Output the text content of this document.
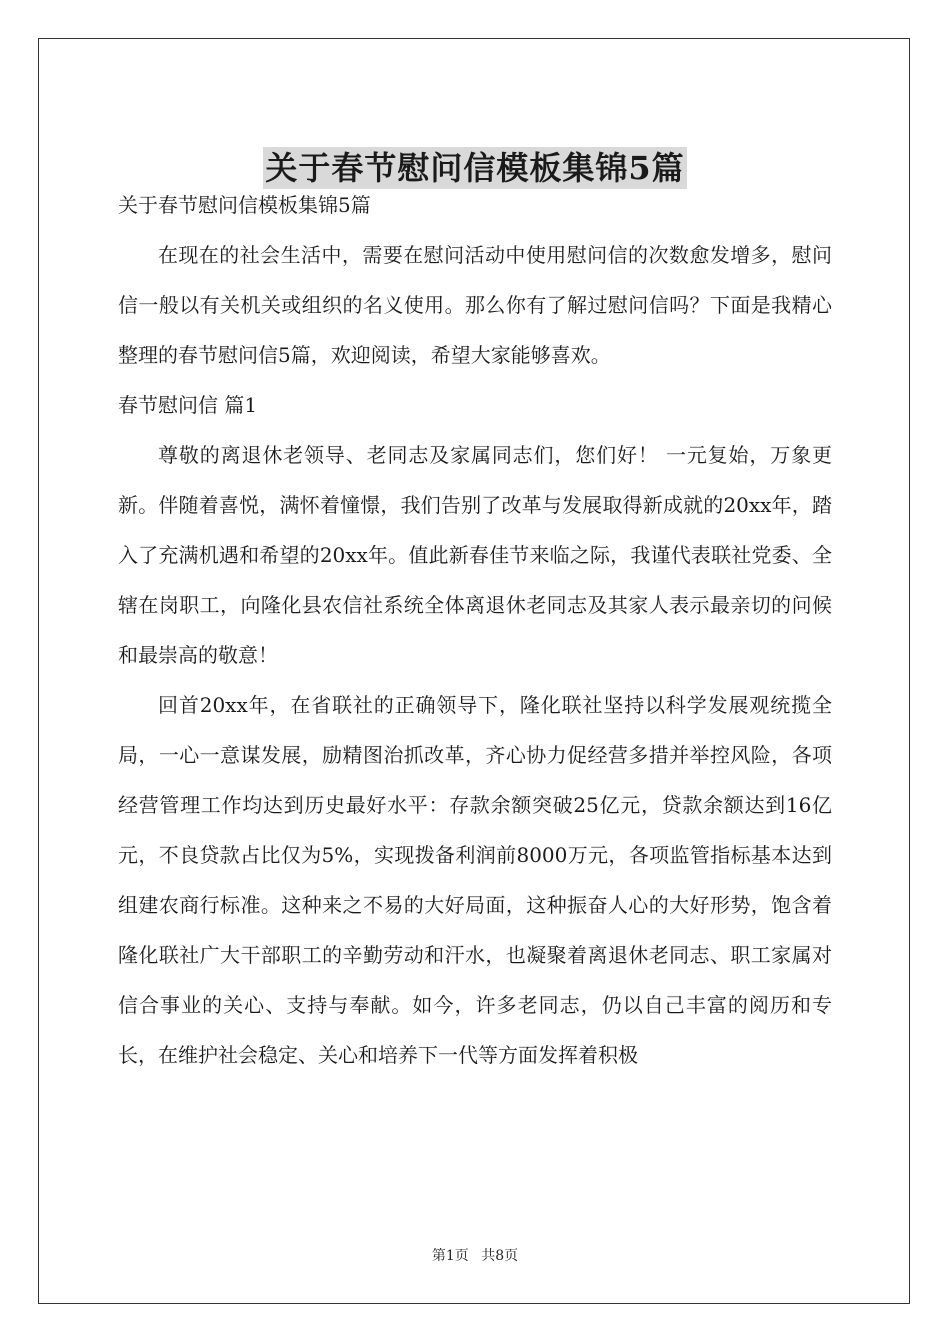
关于春节慰问信模板集锦5篇

关于春节慰问信模板集锦5篇

在现在的社会生活中，需要在慰问活动中使用慰问信的次数愈发增多，慰问信一般以有关机关或组织的名义使用。那么你有了解过慰问信吗？下面是我精心整理的春节慰问信5篇，欢迎阅读，希望大家能够喜欢。

春节慰问信 篇1

尊敬的离退休老领导、老同志及家属同志们，您们好！ 一元复始，万象更新。伴随着喜悦，满怀着憧憬，我们告别了改革与发展取得新成就的20xx年，踏入了充满机遇和希望的20xx年。值此新春佳节来临之际，我谨代表联社党委、全辖在岗职工，向隆化县农信社系统全体离退休老同志及其家人表示最亲切的问候和最崇高的敬意！

回首20xx年，在省联社的正确领导下，隆化联社坚持以科学发展观统揽全局，一心一意谋发展，励精图治抓改革，齐心协力促经营多措并举控风险，各项经营管理工作均达到历史最好水平：存款余额突破25亿元，贷款余额达到16亿元，不良贷款占比仅为5%，实现拨备利润前8000万元，各项监管指标基本达到组建农商行标准。这种来之不易的大好局面，这种振奋人心的大好形势，饱含着隆化联社广大干部职工的辛勤劳动和汗水，也凝聚着离退休老同志、职工家属对信合事业的关心、支持与奉献。如今，许多老同志，仍以自己丰富的阅历和专长，在维护社会稳定、关心和培养下一代等方面发挥着积极

第1页 共8页
